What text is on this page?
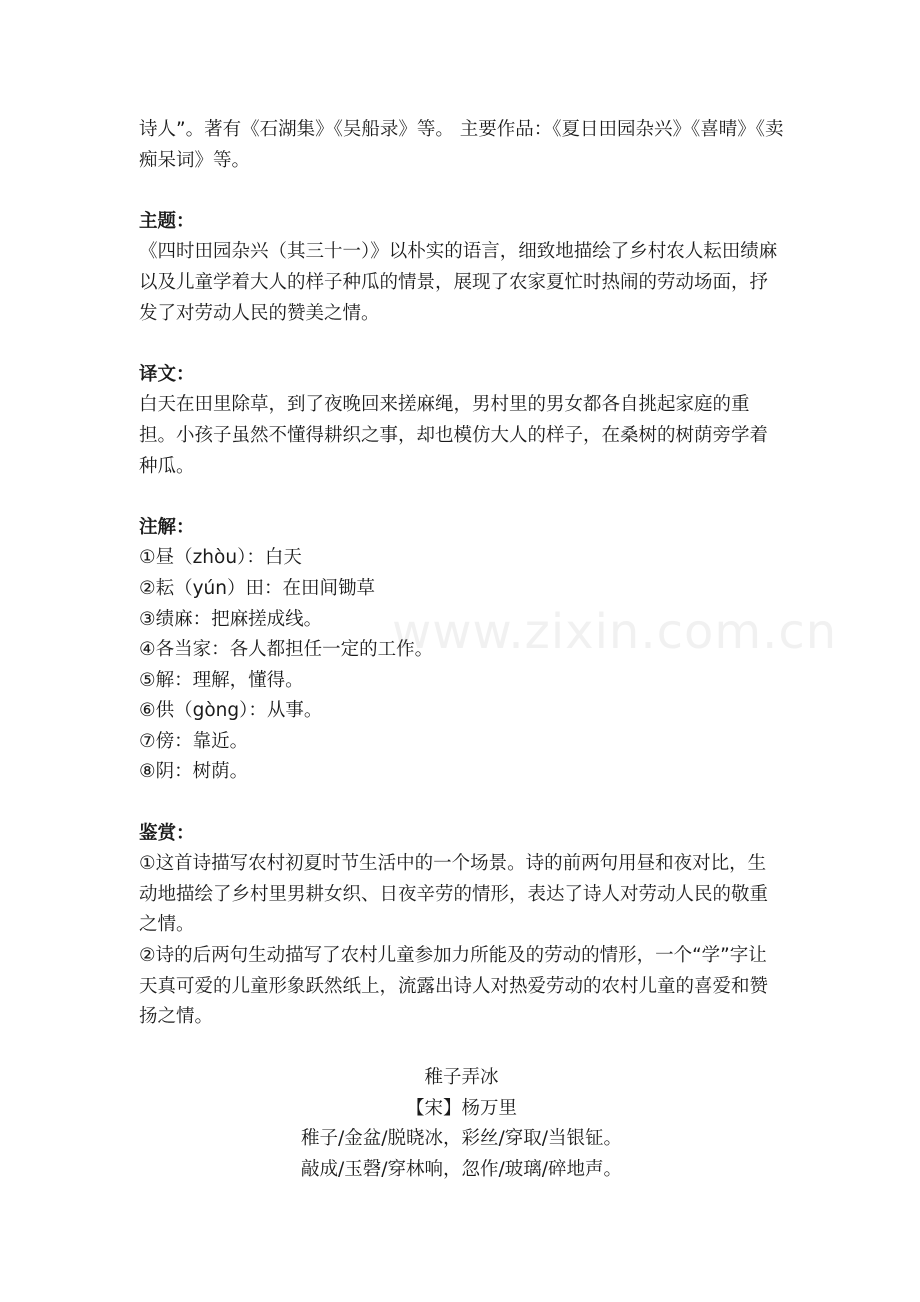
诗人”。著有《石湖集》《吴船录》等。 主要作品：《夏日田园杂兴》《喜晴》《卖痴呆词》等。

主题：

《四时田园杂兴（其三十一）》以朴实的语言，细致地描绘了乡村农人耘田绩麻以及儿童学着大人的样子种瓜的情景，展现了农家夏忙时热闹的劳动场面，抒发了对劳动人民的赞美之情。

译文：

白天在田里除草，到了夜晚回来搓麻绳，男村里的男女都各自挑起家庭的重担。小孩子虽然不懂得耕织之事，却也模仿大人的样子，在桑树的树荫旁学着种瓜。

注解：

①昼（zhòu）：白天

②耘（yún）田：在田间锄草

③绩麻：把麻搓成线。

④各当家：各人都担任一定的工作。

⑤解：理解，懂得。

⑥供（gòng）：从事。

⑦傍：靠近。

⑧阴：树荫。

鉴赏：

①这首诗描写农村初夏时节生活中的一个场景。诗的前两句用昼和夜对比，生动地描绘了乡村里男耕女织、日夜辛劳的情形，表达了诗人对劳动人民的敬重之情。

②诗的后两句生动描写了农村儿童参加力所能及的劳动的情形，一个“学”字让天真可爱的儿童形象跃然纸上，流露出诗人对热爱劳动的农村儿童的喜爱和赞扬之情。

稚子弄冰

【宋】杨万里

稚子/金盆/脱晓冰，彩丝/穿取/当银钲。

敲成/玉磬/穿林响，忽作/玻璃/碎地声。

www.zixin.com.cn
